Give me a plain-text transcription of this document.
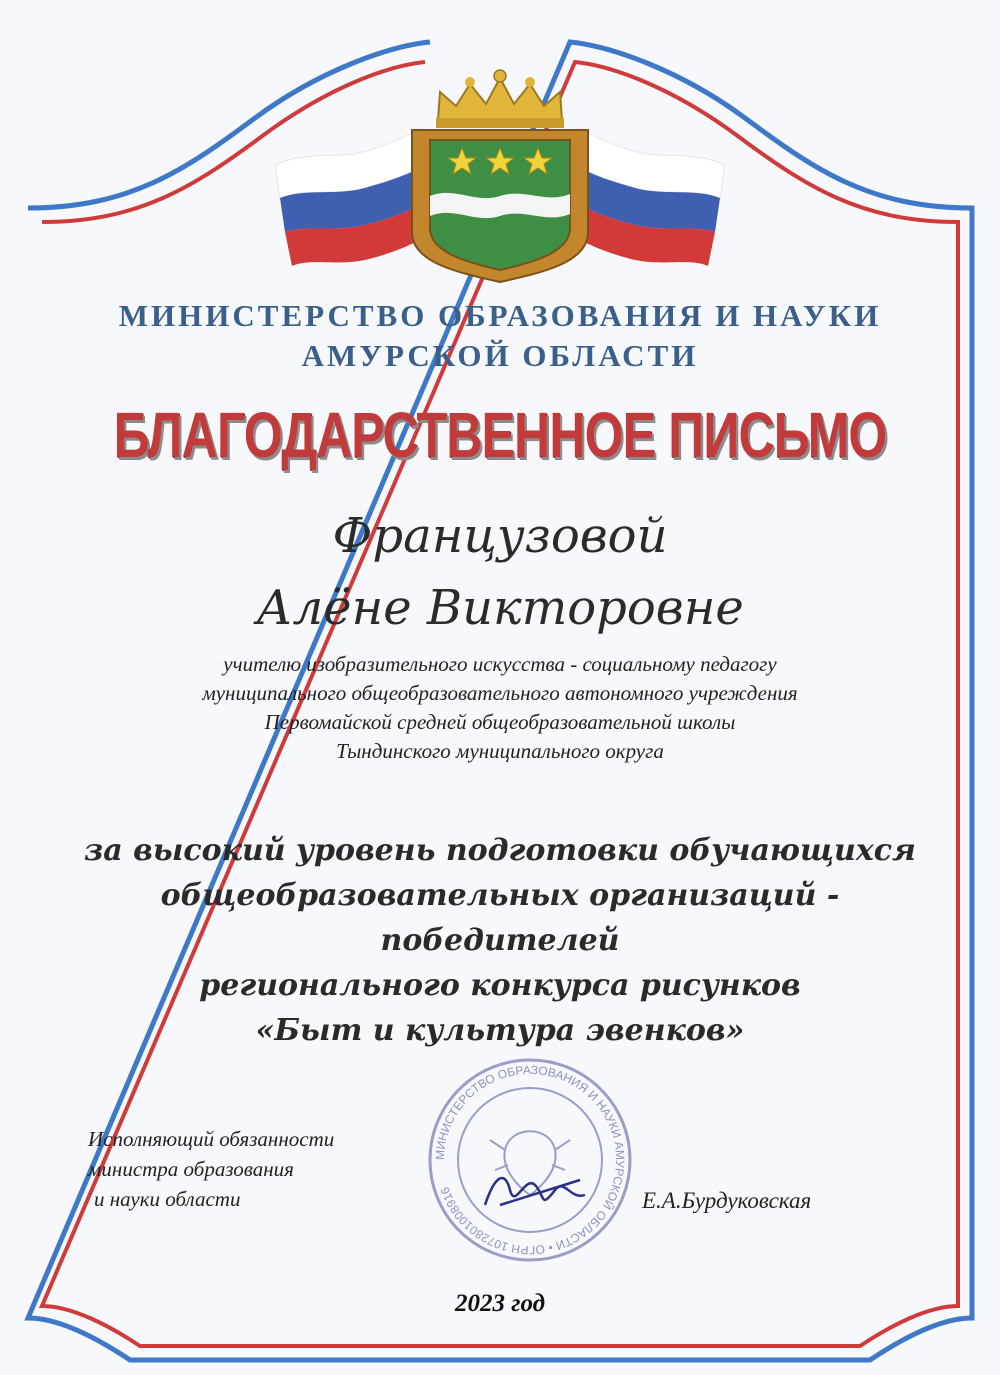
МИНИСТЕРСТВО ОБРАЗОВАНИЯ И НАУКИ АМУРСКОЙ ОБЛАСТИ • ОГРН 1072801008916
МИНИСТЕРСТВО ОБРАЗОВАНИЯ И НАУКИ
АМУРСКОЙ ОБЛАСТИ
БЛАГОДАРСТВЕННОЕ ПИСЬМО
Французовой
Алёне Викторовне
учителю изобразительного искусства - социальному педагогу
муниципального общеобразовательного автономного учреждения
Первомайской средней общеобразовательной школы
Тындинского муниципального округа
за высокий уровень подготовки обучающихся
общеобразовательных организаций -
победителей
регионального конкурса рисунков
«Быт и культура эвенков»
Исполняющий обязанности
министра образования
и науки области	Е.А.Бурдуковская
2023 год
